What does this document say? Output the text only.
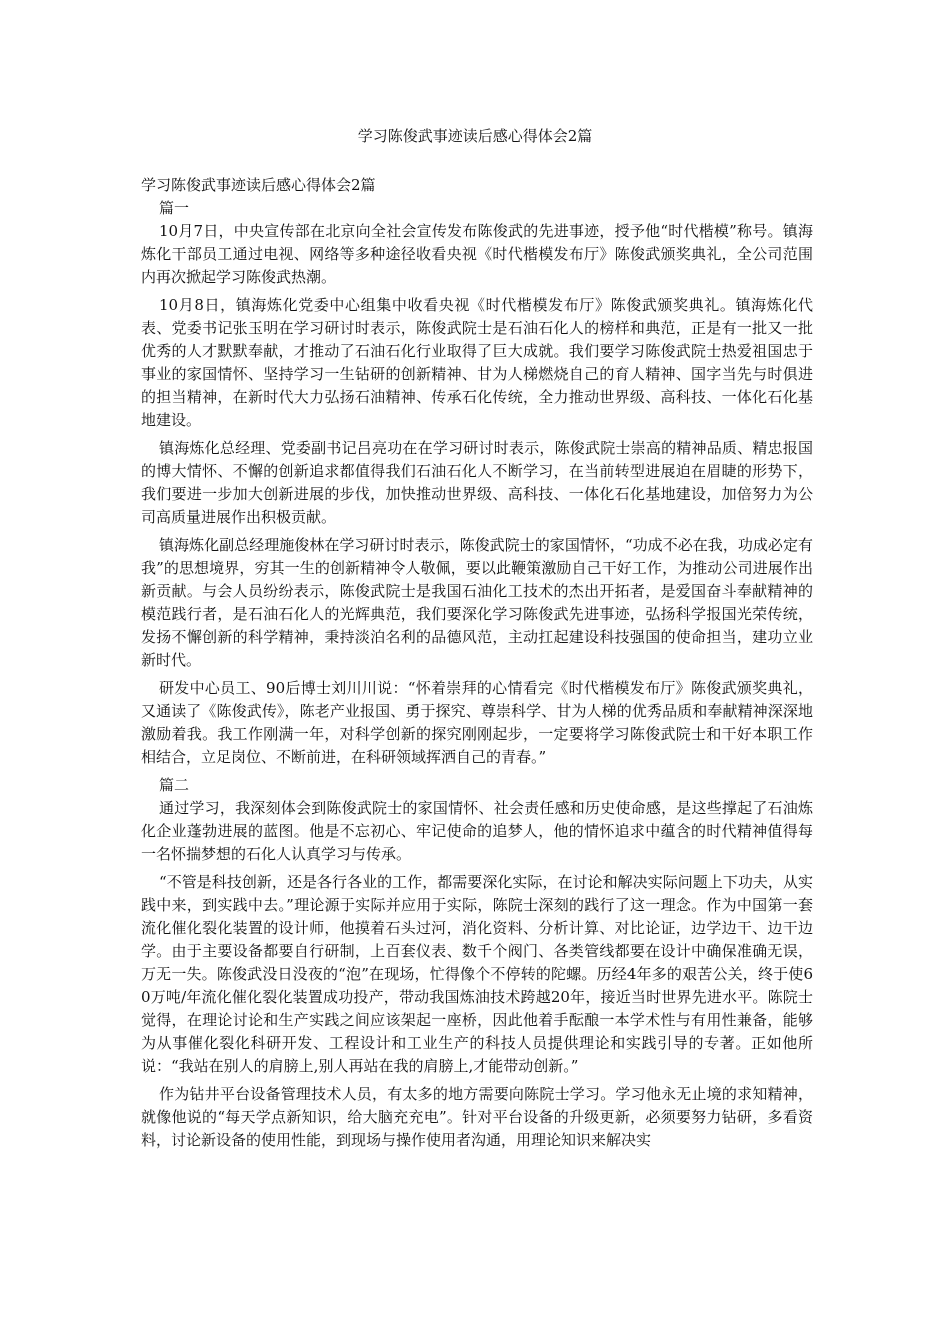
学习陈俊武事迹读后感心得体会2篇

学习陈俊武事迹读后感心得体会2篇

篇一

10月7日，中央宣传部在北京向全社会宣传发布陈俊武的先进事迹，授予他“时代楷模”称号。镇海炼化干部员工通过电视、网络等多种途径收看央视《时代楷模发布厅》陈俊武颁奖典礼，全公司范围内再次掀起学习陈俊武热潮。

10月8日，镇海炼化党委中心组集中收看央视《时代楷模发布厅》陈俊武颁奖典礼。镇海炼化代表、党委书记张玉明在学习研讨时表示，陈俊武院士是石油石化人的榜样和典范，正是有一批又一批优秀的人才默默奉献，才推动了石油石化行业取得了巨大成就。我们要学习陈俊武院士热爱祖国忠于事业的家国情怀、坚持学习一生钻研的创新精神、甘为人梯燃烧自己的育人精神、国字当先与时俱进的担当精神，在新时代大力弘扬石油精神、传承石化传统，全力推动世界级、高科技、一体化石化基地建设。

镇海炼化总经理、党委副书记吕亮功在在学习研讨时表示，陈俊武院士崇高的精神品质、精忠报国的博大情怀、不懈的创新追求都值得我们石油石化人不断学习，在当前转型进展迫在眉睫的形势下，我们要进一步加大创新进展的步伐，加快推动世界级、高科技、一体化石化基地建设，加倍努力为公司高质量进展作出积极贡献。

镇海炼化副总经理施俊林在学习研讨时表示，陈俊武院士的家国情怀，“功成不必在我，功成必定有我”的思想境界，穷其一生的创新精神令人敬佩，要以此鞭策激励自己干好工作，为推动公司进展作出新贡献。与会人员纷纷表示，陈俊武院士是我国石油化工技术的杰出开拓者，是爱国奋斗奉献精神的模范践行者，是石油石化人的光辉典范，我们要深化学习陈俊武先进事迹，弘扬科学报国光荣传统，发扬不懈创新的科学精神，秉持淡泊名利的品德风范，主动扛起建设科技强国的使命担当，建功立业新时代。

研发中心员工、90后博士刘川川说：“怀着崇拜的心情看完《时代楷模发布厅》陈俊武颁奖典礼，又通读了《陈俊武传》，陈老产业报国、勇于探究、尊崇科学、甘为人梯的优秀品质和奉献精神深深地激励着我。我工作刚满一年，对科学创新的探究刚刚起步，一定要将学习陈俊武院士和干好本职工作相结合，立足岗位、不断前进，在科研领域挥洒自己的青春。”

篇二

通过学习，我深刻体会到陈俊武院士的家国情怀、社会责任感和历史使命感，是这些撑起了石油炼化企业蓬勃进展的蓝图。他是不忘初心、牢记使命的追梦人，他的情怀追求中蕴含的时代精神值得每一名怀揣梦想的石化人认真学习与传承。

“不管是科技创新，还是各行各业的工作，都需要深化实际，在讨论和解决实际问题上下功夫，从实践中来，到实践中去。”理论源于实际并应用于实际，陈院士深刻的践行了这一理念。作为中国第一套流化催化裂化装置的设计师，他摸着石头过河，消化资料、分析计算、对比论证，边学边干、边干边学。由于主要设备都要自行研制，上百套仪表、数千个阀门、各类管线都要在设计中确保准确无误，万无一失。陈俊武没日没夜的“泡”在现场，忙得像个不停转的陀螺。历经4年多的艰苦公关，终于使60万吨/年流化催化裂化装置成功投产，带动我国炼油技术跨越20年，接近当时世界先进水平。陈院士觉得，在理论讨论和生产实践之间应该架起一座桥，因此他着手酝酿一本学术性与有用性兼备，能够为从事催化裂化科研开发、工程设计和工业生产的科技人员提供理论和实践引导的专著。正如他所说：“我站在别人的肩膀上,别人再站在我的肩膀上,才能带动创新。”

作为钻井平台设备管理技术人员，有太多的地方需要向陈院士学习。学习他永无止境的求知精神，就像他说的“每天学点新知识，给大脑充充电”。针对平台设备的升级更新，必须要努力钻研，多看资料，讨论新设备的使用性能，到现场与操作使用者沟通，用理论知识来解决实
